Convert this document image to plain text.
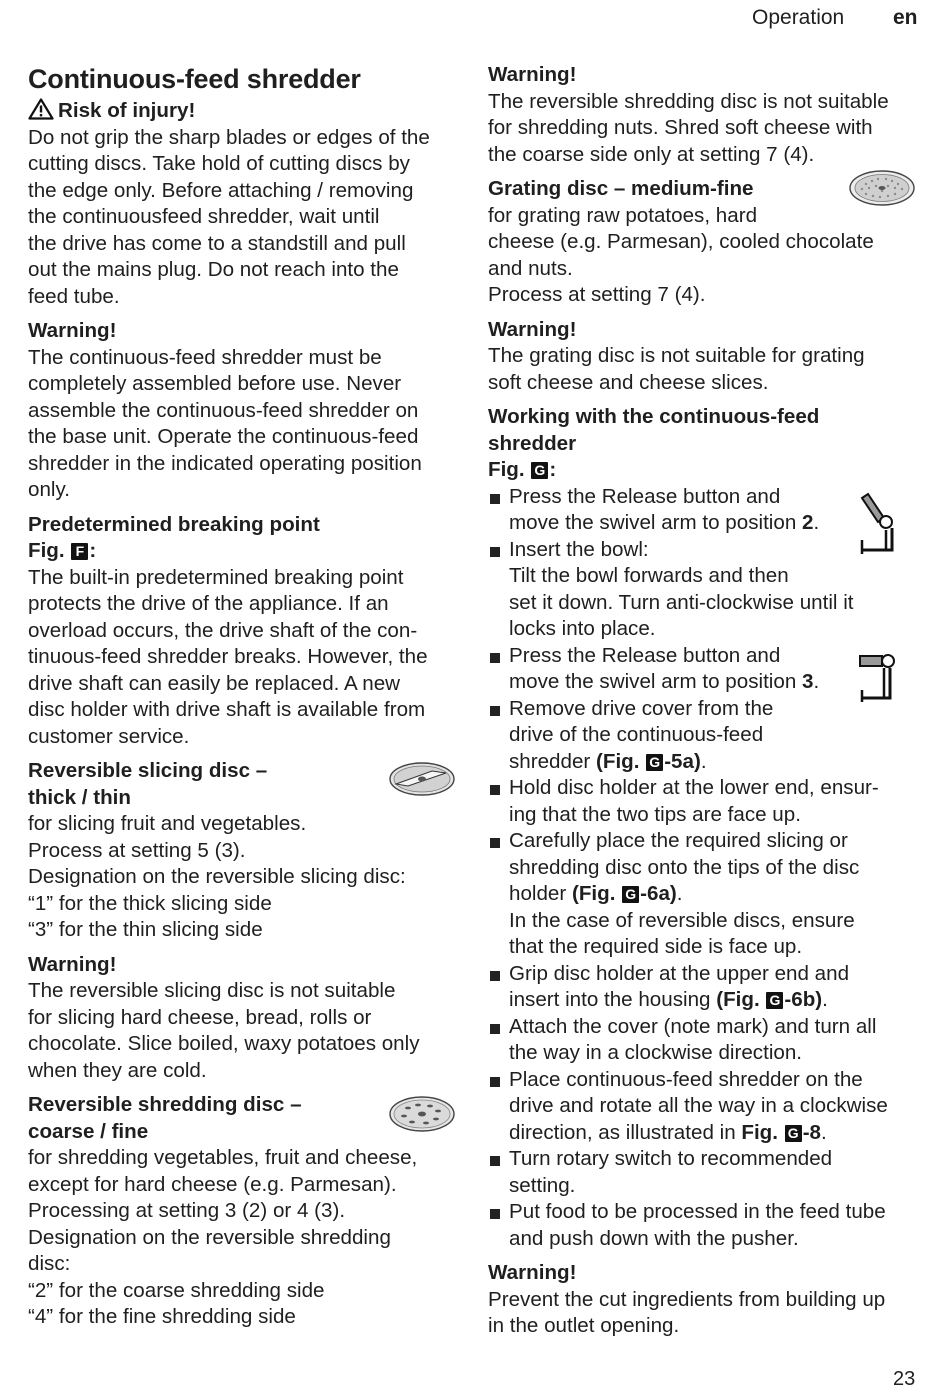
Operation en
Continuous-feed shredder
Risk of injury!
Do not grip the sharp blades or edges of the
cutting discs. Take hold of cutting discs by
the edge only. Before attaching / removing
the continuousfeed shredder, wait until
the drive has come to a standstill and pull
out the mains plug. Do not reach into the
feed tube.
Warning!
The continuous-feed shredder must be
completely assembled before use. Never
assemble the continuous-feed shredder on
the base unit. Operate the continuous-feed
shredder in the indicated operating position
only.
Predetermined breaking point
Fig. F :
The built-in predetermined breaking point
protects the drive of the appliance. If an
overload occurs, the drive shaft of the con-
tinuous-feed shredder breaks. However, the
drive shaft can easily be replaced. A new
disc holder with drive shaft is available from
customer service.
Reversible slicing disc –
thick / thin
for slicing fruit and vegetables.
Process at setting 5 (3).
Designation on the reversible slicing disc:
“1” for the thick slicing side
“3” for the thin slicing side
Warning!
The reversible slicing disc is not suitable
for slicing hard cheese, bread, rolls or
chocolate. Slice boiled, waxy potatoes only
when they are cold.
Reversible shredding disc –
coarse / fine
for shredding vegetables, fruit and cheese,
except for hard cheese (e.g. Parmesan).
Processing at setting 3 (2) or 4 (3).
Designation on the reversible shredding
disc:
“2” for the coarse shredding side
“4” for the fine shredding side
Warning!
The reversible shredding disc is not suitable
for shredding nuts. Shred soft cheese with
the coarse side only at setting 7 (4).
Grating disc – medium-fine
for grating raw potatoes, hard
cheese (e.g. Parmesan), cooled chocolate
and nuts.
Process at setting 7 (4).
Warning!
The grating disc is not suitable for grating
soft cheese and cheese slices.
Working with the continuous-feed
shredder
Fig. G :
Press the Release button and
move the swivel arm to position 2.
Insert the bowl:
Tilt the bowl forwards and then
set it down. Turn anti-clockwise until it
locks into place.
Press the Release button and
move the swivel arm to position 3.
Remove drive cover from the
drive of the continuous-feed
shredder (Fig. G -5a).
Hold disc holder at the lower end, ensur-
ing that the two tips are face up.
Carefully place the required slicing or
shredding disc onto the tips of the disc
holder (Fig. G -6a).
In the case of reversible discs, ensure
that the required side is face up.
Grip disc holder at the upper end and
insert into the housing (Fig. G -6b).
Attach the cover (note mark) and turn all
the way in a clockwise direction.
Place continuous-feed shredder on the
drive and rotate all the way in a clockwise
direction, as illustrated in Fig. G -8.
Turn rotary switch to recommended
setting.
Put food to be processed in the feed tube
and push down with the pusher.
Warning!
Prevent the cut ingredients from building up
in the outlet opening.
23
